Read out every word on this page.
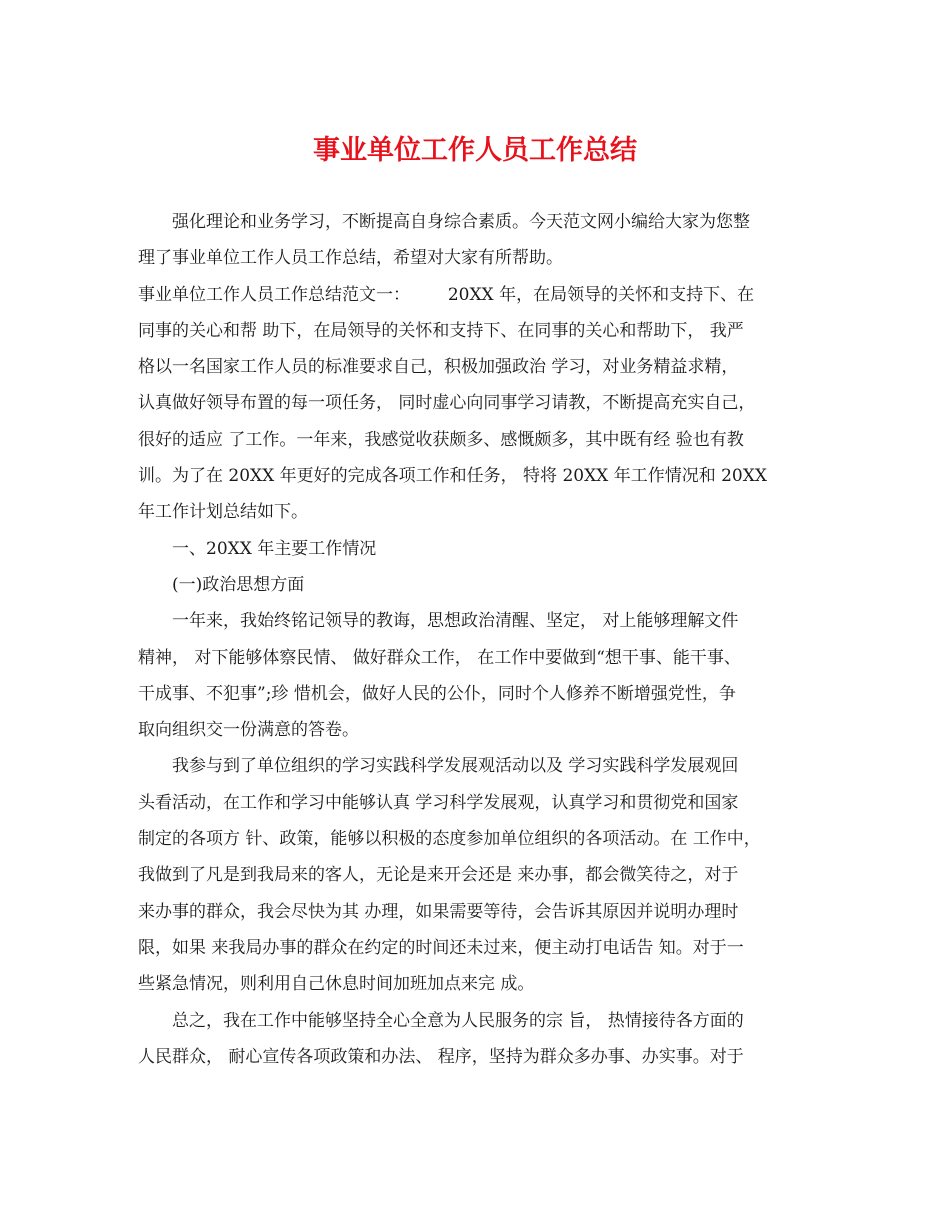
事业单位工作人员工作总结
强化理论和业务学习，不断提高自身综合素质。今天范文网小编给大家为您整
理了事业单位工作人员工作总结，希望对大家有所帮助。
事业单位工作人员工作总结范文一：       20XX 年，在局领导的关怀和支持下、在
同事的关心和帮 助下，在局领导的关怀和支持下、在同事的关心和帮助下， 我严
格以一名国家工作人员的标准要求自己，积极加强政治 学习，对业务精益求精，
认真做好领导布置的每一项任务， 同时虚心向同事学习请教，不断提高充实自己，
很好的适应 了工作。一年来，我感觉收获颇多、感慨颇多，其中既有经 验也有教
训。为了在 20XX 年更好的完成各项工作和任务， 特将 20XX 年工作情况和 20XX
年工作计划总结如下。
一、20XX 年主要工作情况
(一)政治思想方面
一年来，我始终铭记领导的教诲，思想政治清醒、坚定， 对上能够理解文件
精神， 对下能够体察民情、 做好群众工作， 在工作中要做到“想干事、能干事、
干成事、不犯事”;珍 惜机会，做好人民的公仆，同时个人修养不断增强党性，争
取向组织交一份满意的答卷。
我参与到了单位组织的学习实践科学发展观活动以及 学习实践科学发展观回
头看活动，在工作和学习中能够认真 学习科学发展观，认真学习和贯彻党和国家
制定的各项方 针、政策，能够以积极的态度参加单位组织的各项活动。在 工作中，
我做到了凡是到我局来的客人，无论是来开会还是 来办事，都会微笑待之，对于
来办事的群众，我会尽快为其 办理，如果需要等待，会告诉其原因并说明办理时
限，如果 来我局办事的群众在约定的时间还未过来，便主动打电话告 知。对于一
些紧急情况，则利用自己休息时间加班加点来完 成。
总之，我在工作中能够坚持全心全意为人民服务的宗 旨， 热情接待各方面的
人民群众， 耐心宣传各项政策和办法、 程序，坚持为群众多办事、办实事。对于
